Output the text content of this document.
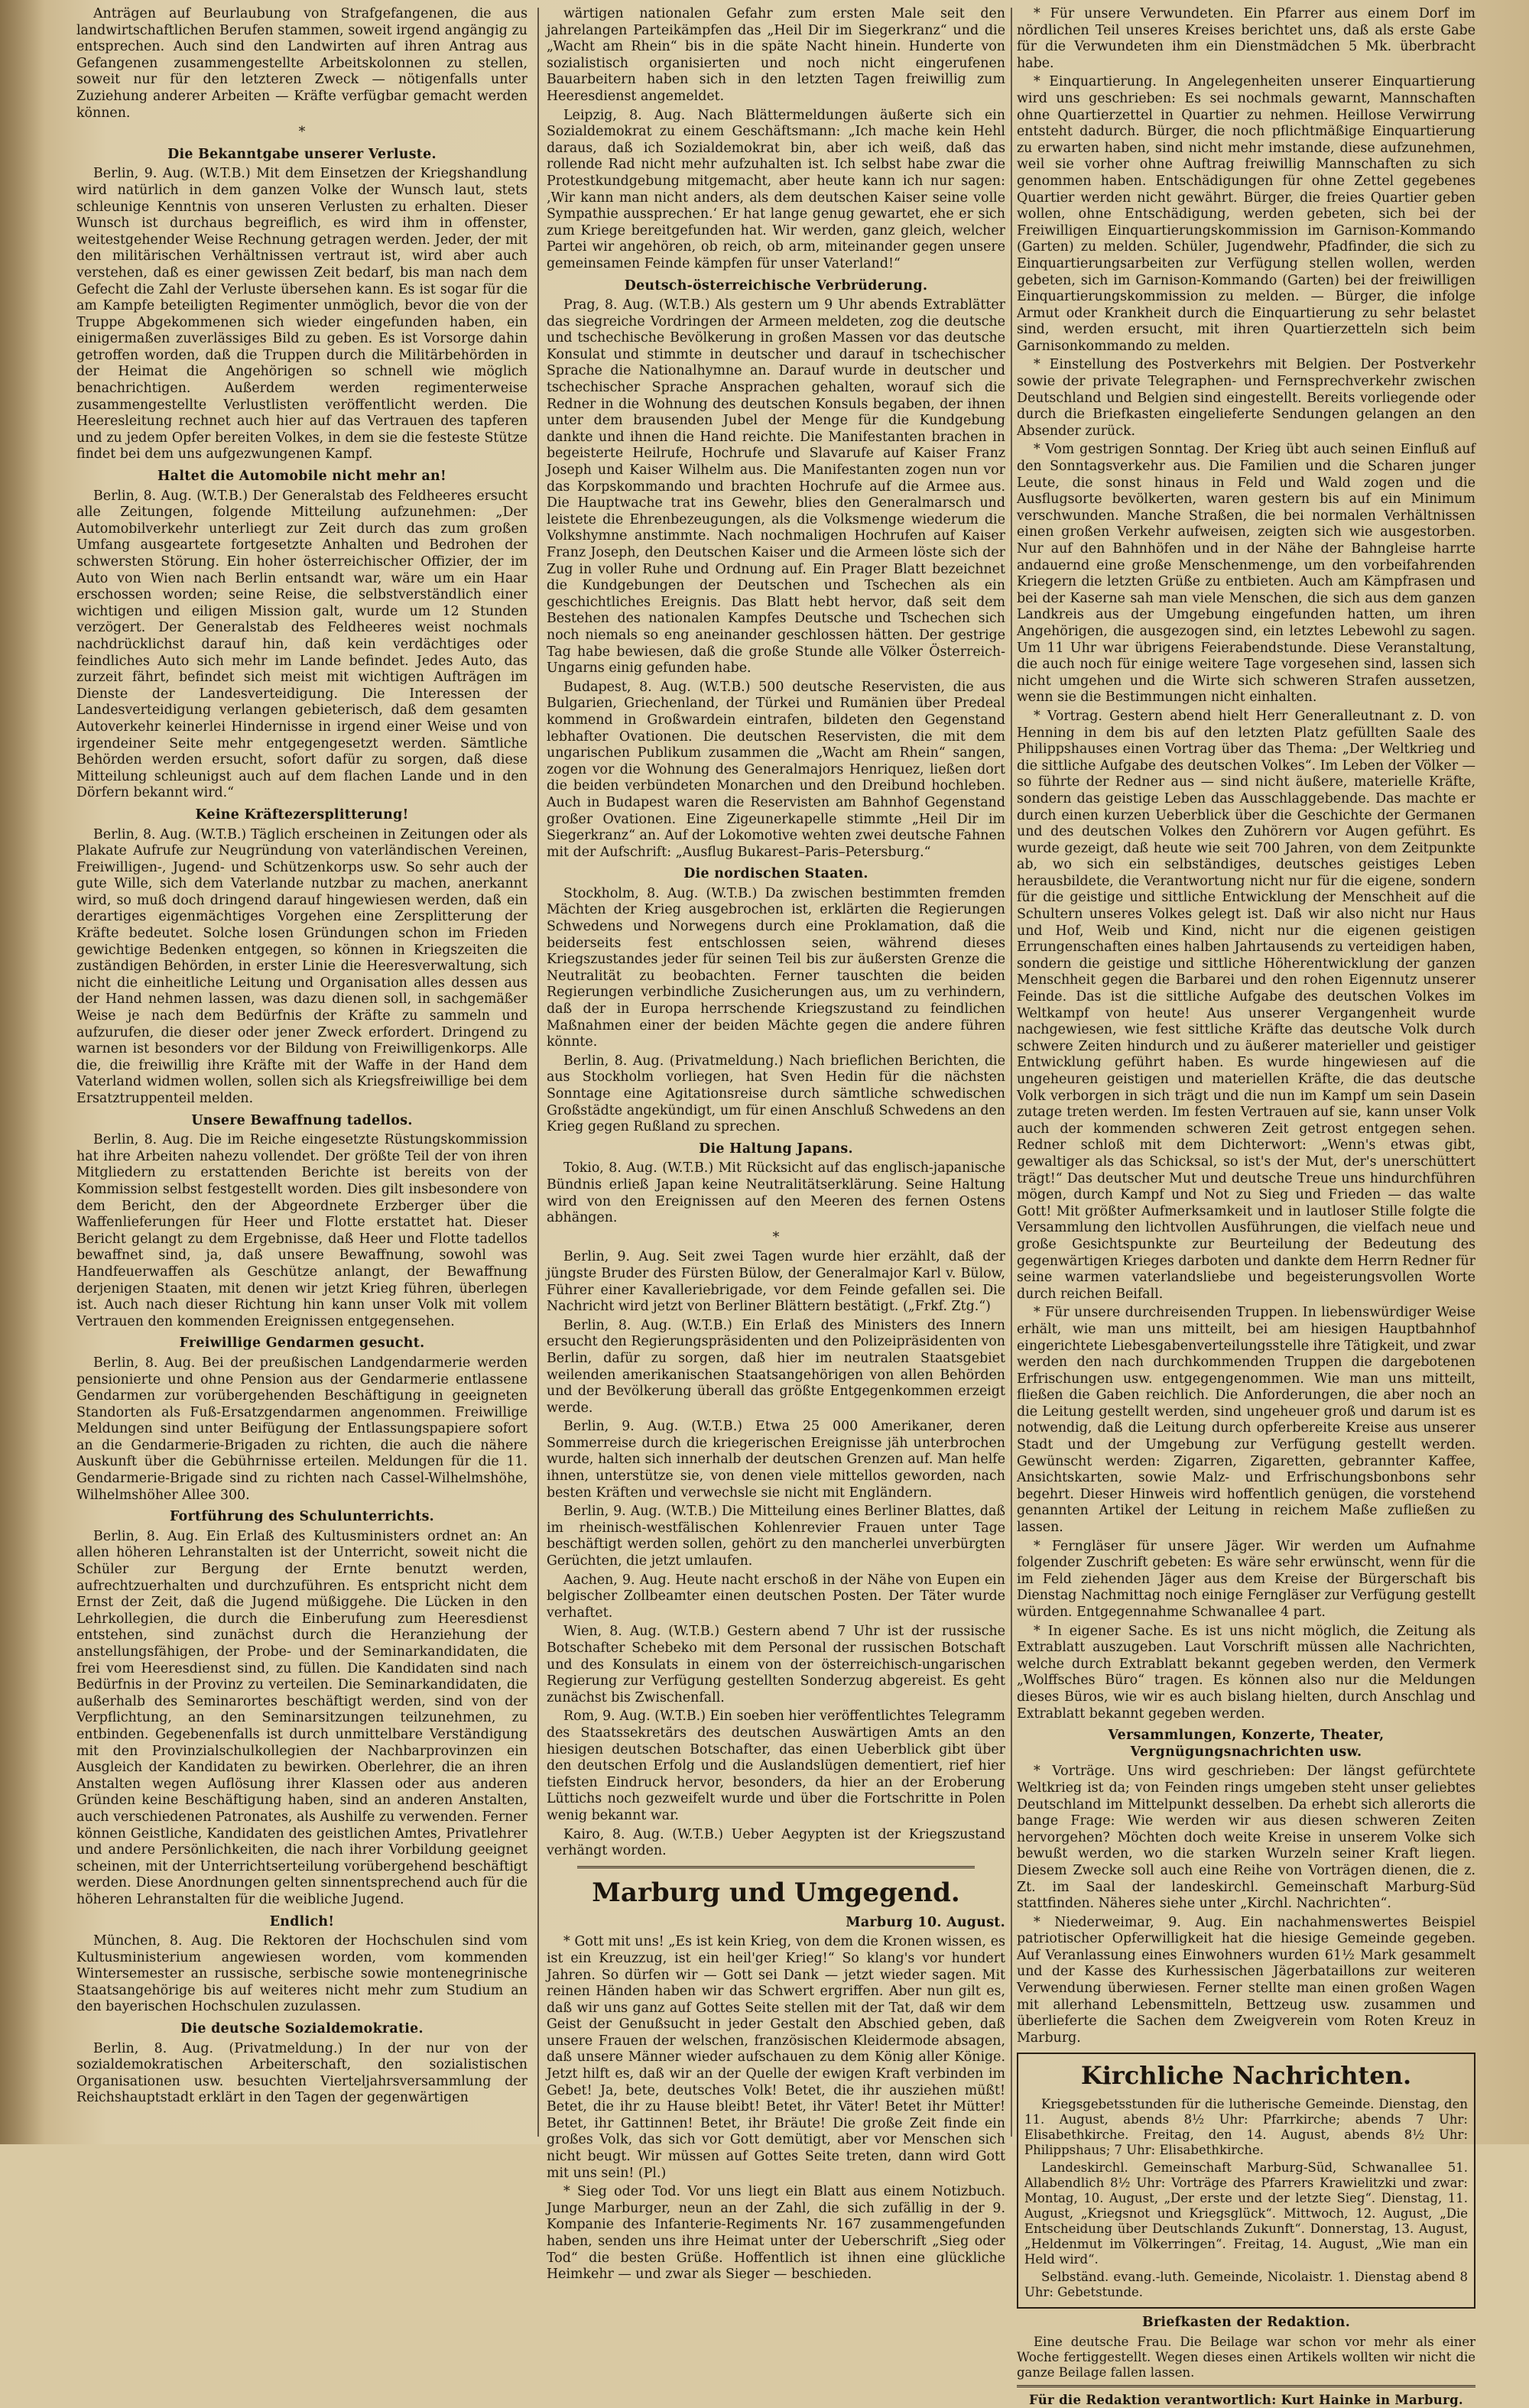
Anträgen auf Beurlaubung von Strafgefangenen, die aus landwirtschaftlichen Berufen stammen, soweit irgend angängig zu entsprechen. Auch sind den Landwirten auf ihren Antrag aus Gefangenen zusammengestellte Arbeitskolonnen zu stellen, soweit nur für den letzteren Zweck — nötigenfalls unter Zuziehung anderer Arbeiten — Kräfte verfügbar gemacht werden können.

*

Die Bekanntgabe unserer Verluste.

Berlin, 9. Aug. (W.T.B.) Mit dem Einsetzen der Kriegshandlung wird natürlich in dem ganzen Volke der Wunsch laut, stets schleunige Kenntnis von unseren Verlusten zu erhalten. Dieser Wunsch ist durchaus begreiflich, es wird ihm in offenster, weitestgehender Weise Rechnung getragen werden. Jeder, der mit den militärischen Verhältnissen vertraut ist, wird aber auch verstehen, daß es einer gewissen Zeit bedarf, bis man nach dem Gefecht die Zahl der Verluste übersehen kann. Es ist sogar für die am Kampfe beteiligten Regimenter unmöglich, bevor die von der Truppe Abgekommenen sich wieder eingefunden haben, ein einigermaßen zuverlässiges Bild zu geben. Es ist Vorsorge dahin getroffen worden, daß die Truppen durch die Militärbehörden in der Heimat die Angehörigen so schnell wie möglich benachrichtigen. Außerdem werden regimenterweise zusammengestellte Verlustlisten veröffentlicht werden. Die Heeresleitung rechnet auch hier auf das Vertrauen des tapferen und zu jedem Opfer bereiten Volkes, in dem sie die festeste Stütze findet bei dem uns aufgezwungenen Kampf.

Haltet die Automobile nicht mehr an!

Berlin, 8. Aug. (W.T.B.) Der Generalstab des Feldheeres ersucht alle Zeitungen, folgende Mitteilung aufzunehmen: „Der Automobilverkehr unterliegt zur Zeit durch das zum großen Umfang ausgeartete fortgesetzte Anhalten und Bedrohen der schwersten Störung. Ein hoher österreichischer Offizier, der im Auto von Wien nach Berlin entsandt war, wäre um ein Haar erschossen worden; seine Reise, die selbstverständlich einer wichtigen und eiligen Mission galt, wurde um 12 Stunden verzögert. Der Generalstab des Feldheeres weist nochmals nachdrücklichst darauf hin, daß kein verdächtiges oder feindliches Auto sich mehr im Lande befindet. Jedes Auto, das zurzeit fährt, befindet sich meist mit wichtigen Aufträgen im Dienste der Landesverteidigung. Die Interessen der Landesverteidigung verlangen gebieterisch, daß dem gesamten Autoverkehr keinerlei Hindernisse in irgend einer Weise und von irgendeiner Seite mehr entgegengesetzt werden. Sämtliche Behörden werden ersucht, sofort dafür zu sorgen, daß diese Mitteilung schleunigst auch auf dem flachen Lande und in den Dörfern bekannt wird.“

Keine Kräftezersplitterung!

Berlin, 8. Aug. (W.T.B.) Täglich erscheinen in Zeitungen oder als Plakate Aufrufe zur Neugründung von vaterländischen Vereinen, Freiwilligen-, Jugend- und Schützenkorps usw. So sehr auch der gute Wille, sich dem Vaterlande nutzbar zu machen, anerkannt wird, so muß doch dringend darauf hingewiesen werden, daß ein derartiges eigenmächtiges Vorgehen eine Zersplitterung der Kräfte bedeutet. Solche losen Gründungen schon im Frieden gewichtige Bedenken entgegen, so können in Kriegszeiten die zuständigen Behörden, in erster Linie die Heeresverwaltung, sich nicht die einheitliche Leitung und Organisation alles dessen aus der Hand nehmen lassen, was dazu dienen soll, in sachgemäßer Weise je nach dem Bedürfnis der Kräfte zu sammeln und aufzurufen, die dieser oder jener Zweck erfordert. Dringend zu warnen ist besonders vor der Bildung von Freiwilligenkorps. Alle die, die freiwillig ihre Kräfte mit der Waffe in der Hand dem Vaterland widmen wollen, sollen sich als Kriegsfreiwillige bei dem Ersatztruppenteil melden.

Unsere Bewaffnung tadellos.

Berlin, 8. Aug. Die im Reiche eingesetzte Rüstungskommission hat ihre Arbeiten nahezu vollendet. Der größte Teil der von ihren Mitgliedern zu erstattenden Berichte ist bereits von der Kommission selbst festgestellt worden. Dies gilt insbesondere von dem Bericht, den der Abgeordnete Erzberger über die Waffenlieferungen für Heer und Flotte erstattet hat. Dieser Bericht gelangt zu dem Ergebnisse, daß Heer und Flotte tadellos bewaffnet sind, ja, daß unsere Bewaffnung, sowohl was Handfeuerwaffen als Geschütze anlangt, der Bewaffnung derjenigen Staaten, mit denen wir jetzt Krieg führen, überlegen ist. Auch nach dieser Richtung hin kann unser Volk mit vollem Vertrauen den kommenden Ereignissen entgegensehen.

Freiwillige Gendarmen gesucht.

Berlin, 8. Aug. Bei der preußischen Landgendarmerie werden pensionierte und ohne Pension aus der Gendarmerie entlassene Gendarmen zur vorübergehenden Beschäftigung in geeigneten Standorten als Fuß-Ersatzgendarmen angenommen. Freiwillige Meldungen sind unter Beifügung der Entlassungspapiere sofort an die Gendarmerie-Brigaden zu richten, die auch die nähere Auskunft über die Gebührnisse erteilen. Meldungen für die 11. Gendarmerie-Brigade sind zu richten nach Cassel-Wilhelmshöhe, Wilhelmshöher Allee 300.

Fortführung des Schulunterrichts.

Berlin, 8. Aug. Ein Erlaß des Kultusministers ordnet an: An allen höheren Lehranstalten ist der Unterricht, soweit nicht die Schüler zur Bergung der Ernte benutzt werden, aufrechtzuerhalten und durchzuführen. Es entspricht nicht dem Ernst der Zeit, daß die Jugend müßiggehe. Die Lücken in den Lehrkollegien, die durch die Einberufung zum Heeresdienst entstehen, sind zunächst durch die Heranziehung der anstellungsfähigen, der Probe- und der Seminarkandidaten, die frei vom Heeresdienst sind, zu füllen. Die Kandidaten sind nach Bedürfnis in der Provinz zu verteilen. Die Seminarkandidaten, die außerhalb des Seminarortes beschäftigt werden, sind von der Verpflichtung, an den Seminarsitzungen teilzunehmen, zu entbinden. Gegebenenfalls ist durch unmittelbare Verständigung mit den Provinzialschulkollegien der Nachbarprovinzen ein Ausgleich der Kandidaten zu bewirken. Oberlehrer, die an ihren Anstalten wegen Auflösung ihrer Klassen oder aus anderen Gründen keine Beschäftigung haben, sind an anderen Anstalten, auch verschiedenen Patronates, als Aushilfe zu verwenden. Ferner können Geistliche, Kandidaten des geistlichen Amtes, Privatlehrer und andere Persönlichkeiten, die nach ihrer Vorbildung geeignet scheinen, mit der Unterrichtserteilung vorübergehend beschäftigt werden. Diese Anordnungen gelten sinnentsprechend auch für die höheren Lehranstalten für die weibliche Jugend.

Endlich!

München, 8. Aug. Die Rektoren der Hochschulen sind vom Kultusministerium angewiesen worden, vom kommenden Wintersemester an russische, serbische sowie montenegrinische Staatsangehörige bis auf weiteres nicht mehr zum Studium an den bayerischen Hochschulen zuzulassen.

Die deutsche Sozialdemokratie.

Berlin, 8. Aug. (Privatmeldung.) In der nur von der sozialdemokratischen Arbeiterschaft, den sozialistischen Organisationen usw. besuchten Vierteljahrsversammlung der Reichshauptstadt erklärt in den Tagen der gegenwärtigen

wärtigen nationalen Gefahr zum ersten Male seit den jahrelangen Parteikämpfen das „Heil Dir im Siegerkranz“ und die „Wacht am Rhein“ bis in die späte Nacht hinein. Hunderte von sozialistisch organisierten und noch nicht eingerufenen Bauarbeitern haben sich in den letzten Tagen freiwillig zum Heeresdienst angemeldet.

Leipzig, 8. Aug. Nach Blättermeldungen äußerte sich ein Sozialdemokrat zu einem Geschäftsmann: „Ich mache kein Hehl daraus, daß ich Sozialdemokrat bin, aber ich weiß, daß das rollende Rad nicht mehr aufzuhalten ist. Ich selbst habe zwar die Protestkundgebung mitgemacht, aber heute kann ich nur sagen: ‚Wir kann man nicht anders, als dem deutschen Kaiser seine volle Sympathie aussprechen.‘ Er hat lange genug gewartet, ehe er sich zum Kriege bereitgefunden hat. Wir werden, ganz gleich, welcher Partei wir angehören, ob reich, ob arm, miteinander gegen unsere gemeinsamen Feinde kämpfen für unser Vaterland!“

Deutsch-österreichische Verbrüderung.

Prag, 8. Aug. (W.T.B.) Als gestern um 9 Uhr abends Extrablätter das siegreiche Vordringen der Armeen meldeten, zog die deutsche und tschechische Bevölkerung in großen Massen vor das deutsche Konsulat und stimmte in deutscher und darauf in tschechischer Sprache die Nationalhymne an. Darauf wurde in deutscher und tschechischer Sprache Ansprachen gehalten, worauf sich die Redner in die Wohnung des deutschen Konsuls begaben, der ihnen unter dem brausenden Jubel der Menge für die Kundgebung dankte und ihnen die Hand reichte. Die Manifestanten brachen in begeisterte Heilrufe, Hochrufe und Slavarufe auf Kaiser Franz Joseph und Kaiser Wilhelm aus. Die Manifestanten zogen nun vor das Korpskommando und brachten Hochrufe auf die Armee aus. Die Hauptwache trat ins Gewehr, blies den Generalmarsch und leistete die Ehrenbezeugungen, als die Volksmenge wiederum die Volkshymne anstimmte. Nach nochmaligen Hochrufen auf Kaiser Franz Joseph, den Deutschen Kaiser und die Armeen löste sich der Zug in voller Ruhe und Ordnung auf. Ein Prager Blatt bezeichnet die Kundgebungen der Deutschen und Tschechen als ein geschichtliches Ereignis. Das Blatt hebt hervor, daß seit dem Bestehen des nationalen Kampfes Deutsche und Tschechen sich noch niemals so eng aneinander geschlossen hätten. Der gestrige Tag habe bewiesen, daß die große Stunde alle Völker Österreich-Ungarns einig gefunden habe.

Budapest, 8. Aug. (W.T.B.) 500 deutsche Reservisten, die aus Bulgarien, Griechenland, der Türkei und Rumänien über Predeal kommend in Großwardein eintrafen, bildeten den Gegenstand lebhafter Ovationen. Die deutschen Reservisten, die mit dem ungarischen Publikum zusammen die „Wacht am Rhein“ sangen, zogen vor die Wohnung des Generalmajors Henriquez, ließen dort die beiden verbündeten Monarchen und den Dreibund hochleben. Auch in Budapest waren die Reservisten am Bahnhof Gegenstand großer Ovationen. Eine Zigeunerkapelle stimmte „Heil Dir im Siegerkranz“ an. Auf der Lokomotive wehten zwei deutsche Fahnen mit der Aufschrift: „Ausflug Bukarest–Paris–Petersburg.“

Die nordischen Staaten.

Stockholm, 8. Aug. (W.T.B.) Da zwischen bestimmten fremden Mächten der Krieg ausgebrochen ist, erklärten die Regierungen Schwedens und Norwegens durch eine Proklamation, daß die beiderseits fest entschlossen seien, während dieses Kriegszustandes jeder für seinen Teil bis zur äußersten Grenze die Neutralität zu beobachten. Ferner tauschten die beiden Regierungen verbindliche Zusicherungen aus, um zu verhindern, daß der in Europa herrschende Kriegszustand zu feindlichen Maßnahmen einer der beiden Mächte gegen die andere führen könnte.

Berlin, 8. Aug. (Privatmeldung.) Nach brieflichen Berichten, die aus Stockholm vorliegen, hat Sven Hedin für die nächsten Sonntage eine Agitationsreise durch sämtliche schwedischen Großstädte angekündigt, um für einen Anschluß Schwedens an den Krieg gegen Rußland zu sprechen.

Die Haltung Japans.

Tokio, 8. Aug. (W.T.B.) Mit Rücksicht auf das englisch-japanische Bündnis erließ Japan keine Neutralitätserklärung. Seine Haltung wird von den Ereignissen auf den Meeren des fernen Ostens abhängen.

*

Berlin, 9. Aug. Seit zwei Tagen wurde hier erzählt, daß der jüngste Bruder des Fürsten Bülow, der Generalmajor Karl v. Bülow, Führer einer Kavalleriebrigade, vor dem Feinde gefallen sei. Die Nachricht wird jetzt von Berliner Blättern bestätigt. („Frkf. Ztg.“)

Berlin, 8. Aug. (W.T.B.) Ein Erlaß des Ministers des Innern ersucht den Regierungspräsidenten und den Polizeipräsidenten von Berlin, dafür zu sorgen, daß hier im neutralen Staatsgebiet weilenden amerikanischen Staatsangehörigen von allen Behörden und der Bevölkerung überall das größte Entgegenkommen erzeigt werde.

Berlin, 9. Aug. (W.T.B.) Etwa 25 000 Amerikaner, deren Sommerreise durch die kriegerischen Ereignisse jäh unterbrochen wurde, halten sich innerhalb der deutschen Grenzen auf. Man helfe ihnen, unterstütze sie, von denen viele mittellos geworden, nach besten Kräften und verwechsle sie nicht mit Engländern.

Berlin, 9. Aug. (W.T.B.) Die Mitteilung eines Berliner Blattes, daß im rheinisch-westfälischen Kohlenrevier Frauen unter Tage beschäftigt werden sollen, gehört zu den mancherlei unverbürgten Gerüchten, die jetzt umlaufen.

Aachen, 9. Aug. Heute nacht erschoß in der Nähe von Eupen ein belgischer Zollbeamter einen deutschen Posten. Der Täter wurde verhaftet.

Wien, 8. Aug. (W.T.B.) Gestern abend 7 Uhr ist der russische Botschafter Schebeko mit dem Personal der russischen Botschaft und des Konsulats in einem von der österreichisch-ungarischen Regierung zur Verfügung gestellten Sonderzug abgereist. Es geht zunächst bis Zwischenfall.

Rom, 9. Aug. (W.T.B.) Ein soeben hier veröffentlichtes Telegramm des Staatssekretärs des deutschen Auswärtigen Amts an den hiesigen deutschen Botschafter, das einen Ueberblick gibt über den deutschen Erfolg und die Auslandslügen dementiert, rief hier tiefsten Eindruck hervor, besonders, da hier an der Eroberung Lüttichs noch gezweifelt wurde und über die Fortschritte in Polen wenig bekannt war.

Kairo, 8. Aug. (W.T.B.) Ueber Aegypten ist der Kriegszustand verhängt worden.

Marburg und Umgegend.

Marburg 10. August.

* Gott mit uns! „Es ist kein Krieg, von dem die Kronen wissen, es ist ein Kreuzzug, ist ein heil'ger Krieg!“ So klang's vor hundert Jahren. So dürfen wir — Gott sei Dank — jetzt wieder sagen. Mit reinen Händen haben wir das Schwert ergriffen. Aber nun gilt es, daß wir uns ganz auf Gottes Seite stellen mit der Tat, daß wir dem Geist der Genußsucht in jeder Gestalt den Abschied geben, daß unsere Frauen der welschen, französischen Kleidermode absagen, daß unsere Männer wieder aufschauen zu dem König aller Könige. Jetzt hilft es, daß wir an der Quelle der ewigen Kraft verbinden im Gebet! Ja, bete, deutsches Volk! Betet, die ihr ausziehen müßt! Betet, die ihr zu Hause bleibt! Betet, ihr Väter! Betet ihr Mütter! Betet, ihr Gattinnen! Betet, ihr Bräute! Die große Zeit finde ein großes Volk, das sich vor Gott demütigt, aber vor Menschen sich nicht beugt. Wir müssen auf Gottes Seite treten, dann wird Gott mit uns sein! (Pl.)

* Sieg oder Tod. Vor uns liegt ein Blatt aus einem Notizbuch. Junge Marburger, neun an der Zahl, die sich zufällig in der 9. Kompanie des Infanterie-Regiments Nr. 167 zusammengefunden haben, senden uns ihre Heimat unter der Ueberschrift „Sieg oder Tod“ die besten Grüße. Hoffentlich ist ihnen eine glückliche Heimkehr — und zwar als Sieger — beschieden.

* Für unsere Verwundeten. Ein Pfarrer aus einem Dorf im nördlichen Teil unseres Kreises berichtet uns, daß als erste Gabe für die Verwundeten ihm ein Dienstmädchen 5 Mk. überbracht habe.

* Einquartierung. In Angelegenheiten unserer Einquartierung wird uns geschrieben: Es sei nochmals gewarnt, Mannschaften ohne Quartierzettel in Quartier zu nehmen. Heillose Verwirrung entsteht dadurch. Bürger, die noch pflichtmäßige Einquartierung zu erwarten haben, sind nicht mehr imstande, diese aufzunehmen, weil sie vorher ohne Auftrag freiwillig Mannschaften zu sich genommen haben. Entschädigungen für ohne Zettel gegebenes Quartier werden nicht gewährt. Bürger, die freies Quartier geben wollen, ohne Entschädigung, werden gebeten, sich bei der Freiwilligen Einquartierungskommission im Garnison-Kommando (Garten) zu melden. Schüler, Jugendwehr, Pfadfinder, die sich zu Einquartierungsarbeiten zur Verfügung stellen wollen, werden gebeten, sich im Garnison-Kommando (Garten) bei der freiwilligen Einquartierungskommission zu melden. — Bürger, die infolge Armut oder Krankheit durch die Einquartierung zu sehr belastet sind, werden ersucht, mit ihren Quartierzetteln sich beim Garnisonkommando zu melden.

* Einstellung des Postverkehrs mit Belgien. Der Postverkehr sowie der private Telegraphen- und Fernsprechverkehr zwischen Deutschland und Belgien sind eingestellt. Bereits vorliegende oder durch die Briefkasten eingelieferte Sendungen gelangen an den Absender zurück.

* Vom gestrigen Sonntag. Der Krieg übt auch seinen Einfluß auf den Sonntagsverkehr aus. Die Familien und die Scharen junger Leute, die sonst hinaus in Feld und Wald zogen und die Ausflugsorte bevölkerten, waren gestern bis auf ein Minimum verschwunden. Manche Straßen, die bei normalen Verhältnissen einen großen Verkehr aufweisen, zeigten sich wie ausgestorben. Nur auf den Bahnhöfen und in der Nähe der Bahngleise harrte andauernd eine große Menschenmenge, um den vorbeifahrenden Kriegern die letzten Grüße zu entbieten. Auch am Kämpfrasen und bei der Kaserne sah man viele Menschen, die sich aus dem ganzen Landkreis aus der Umgebung eingefunden hatten, um ihren Angehörigen, die ausgezogen sind, ein letztes Lebewohl zu sagen. Um 11 Uhr war übrigens Feierabendstunde. Diese Veranstaltung, die auch noch für einige weitere Tage vorgesehen sind, lassen sich nicht umgehen und die Wirte sich schweren Strafen aussetzen, wenn sie die Bestimmungen nicht einhalten.

* Vortrag. Gestern abend hielt Herr Generalleutnant z. D. von Henning in dem bis auf den letzten Platz gefüllten Saale des Philippshauses einen Vortrag über das Thema: „Der Weltkrieg und die sittliche Aufgabe des deutschen Volkes“. Im Leben der Völker — so führte der Redner aus — sind nicht äußere, materielle Kräfte, sondern das geistige Leben das Ausschlaggebende. Das machte er durch einen kurzen Ueberblick über die Geschichte der Germanen und des deutschen Volkes den Zuhörern vor Augen geführt. Es wurde gezeigt, daß heute wie seit 700 Jahren, von dem Zeitpunkte ab, wo sich ein selbständiges, deutsches geistiges Leben herausbildete, die Verantwortung nicht nur für die eigene, sondern für die geistige und sittliche Entwicklung der Menschheit auf die Schultern unseres Volkes gelegt ist. Daß wir also nicht nur Haus und Hof, Weib und Kind, nicht nur die eigenen geistigen Errungenschaften eines halben Jahrtausends zu verteidigen haben, sondern die geistige und sittliche Höherentwicklung der ganzen Menschheit gegen die Barbarei und den rohen Eigennutz unserer Feinde. Das ist die sittliche Aufgabe des deutschen Volkes im Weltkampf von heute! Aus unserer Vergangenheit wurde nachgewiesen, wie fest sittliche Kräfte das deutsche Volk durch schwere Zeiten hindurch und zu äußerer materieller und geistiger Entwicklung geführt haben. Es wurde hingewiesen auf die ungeheuren geistigen und materiellen Kräfte, die das deutsche Volk verborgen in sich trägt und die nun im Kampf um sein Dasein zutage treten werden. Im festen Vertrauen auf sie, kann unser Volk auch der kommenden schweren Zeit getrost entgegen sehen. Redner schloß mit dem Dichterwort: „Wenn's etwas gibt, gewaltiger als das Schicksal, so ist's der Mut, der's unerschüttert trägt!“ Das deutscher Mut und deutsche Treue uns hindurchführen mögen, durch Kampf und Not zu Sieg und Frieden — das walte Gott! Mit größter Aufmerksamkeit und in lautloser Stille folgte die Versammlung den lichtvollen Ausführungen, die vielfach neue und große Gesichtspunkte zur Beurteilung der Bedeutung des gegenwärtigen Krieges darboten und dankte dem Herrn Redner für seine warmen vaterlandsliebe und begeisterungsvollen Worte durch reichen Beifall.

* Für unsere durchreisenden Truppen. In liebenswürdiger Weise erhält, wie man uns mitteilt, bei am hiesigen Hauptbahnhof eingerichtete Liebesgabenverteilungsstelle ihre Tätigkeit, und zwar werden den nach durchkommenden Truppen die dargebotenen Erfrischungen usw. entgegengenommen. Wie man uns mitteilt, fließen die Gaben reichlich. Die Anforderungen, die aber noch an die Leitung gestellt werden, sind ungeheuer groß und darum ist es notwendig, daß die Leitung durch opferbereite Kreise aus unserer Stadt und der Umgebung zur Verfügung gestellt werden. Gewünscht werden: Zigarren, Zigaretten, gebrannter Kaffee, Ansichtskarten, sowie Malz- und Erfrischungsbonbons sehr begehrt. Dieser Hinweis wird hoffentlich genügen, die vorstehend genannten Artikel der Leitung in reichem Maße zufließen zu lassen.

* Ferngläser für unsere Jäger. Wir werden um Aufnahme folgender Zuschrift gebeten: Es wäre sehr erwünscht, wenn für die im Feld ziehenden Jäger aus dem Kreise der Bürgerschaft bis Dienstag Nachmittag noch einige Ferngläser zur Verfügung gestellt würden. Entgegennahme Schwanallee 4 part.

* In eigener Sache. Es ist uns nicht möglich, die Zeitung als Extrablatt auszugeben. Laut Vorschrift müssen alle Nachrichten, welche durch Extrablatt bekannt gegeben werden, den Vermerk „Wolffsches Büro“ tragen. Es können also nur die Meldungen dieses Büros, wie wir es auch bislang hielten, durch Anschlag und Extrablatt bekannt gegeben werden.

Versammlungen, Konzerte, Theater, Vergnügungsnachrichten usw.

* Vorträge. Uns wird geschrieben: Der längst gefürchtete Weltkrieg ist da; von Feinden rings umgeben steht unser geliebtes Deutschland im Mittelpunkt desselben. Da erhebt sich allerorts die bange Frage: Wie werden wir aus diesen schweren Zeiten hervorgehen? Möchten doch weite Kreise in unserem Volke sich bewußt werden, wo die starken Wurzeln seiner Kraft liegen. Diesem Zwecke soll auch eine Reihe von Vorträgen dienen, die z. Zt. im Saal der landeskirchl. Gemeinschaft Marburg-Süd stattfinden. Näheres siehe unter „Kirchl. Nachrichten“.

* Niederweimar, 9. Aug. Ein nachahmenswertes Beispiel patriotischer Opferwilligkeit hat die hiesige Gemeinde gegeben. Auf Veranlassung eines Einwohners wurden 61½ Mark gesammelt und der Kasse des Kurhessischen Jägerbataillons zur weiteren Verwendung überwiesen. Ferner stellte man einen großen Wagen mit allerhand Lebensmitteln, Bettzeug usw. zusammen und überlieferte die Sachen dem Zweigverein vom Roten Kreuz in Marburg.

Kirchliche Nachrichten.

Kriegsgebetsstunden für die lutherische Gemeinde. Dienstag, den 11. August, abends 8½ Uhr: Pfarrkirche; abends 7 Uhr: Elisabethkirche. Freitag, den 14. August, abends 8½ Uhr: Philippshaus; 7 Uhr: Elisabethkirche.

Landeskirchl. Gemeinschaft Marburg-Süd, Schwanallee 51. Allabendlich 8½ Uhr: Vorträge des Pfarrers Krawielitzki und zwar: Montag, 10. August, „Der erste und der letzte Sieg“. Dienstag, 11. August, „Kriegsnot und Kriegsglück“. Mittwoch, 12. August, „Die Entscheidung über Deutschlands Zukunft“. Donnerstag, 13. August, „Heldenmut im Völkerringen“. Freitag, 14. August, „Wie man ein Held wird“.

Selbständ. evang.-luth. Gemeinde, Nicolaistr. 1. Dienstag abend 8 Uhr: Gebetstunde.

Briefkasten der Redaktion.

Eine deutsche Frau. Die Beilage war schon vor mehr als einer Woche fertiggestellt. Wegen dieses einen Artikels wollten wir nicht die ganze Beilage fallen lassen.

Für die Redaktion verantwortlich: Kurt Hainke in Marburg.
